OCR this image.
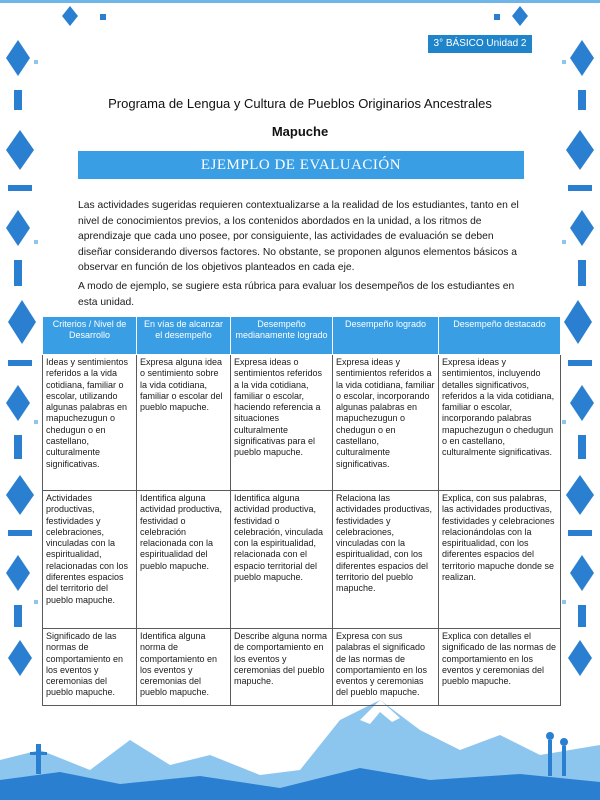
3° BÁSICO Unidad 2
Programa de Lengua y Cultura de Pueblos Originarios Ancestrales
Mapuche
EJEMPLO DE EVALUACIÓN
Las actividades sugeridas requieren contextualizarse a la realidad de los estudiantes, tanto en el nivel de conocimientos previos, a los contenidos abordados en la unidad, a los ritmos de aprendizaje que cada uno posee, por consiguiente, las actividades de evaluación se deben diseñar considerando diversos factores. No obstante, se proponen algunos elementos básicos a observar en función de los objetivos planteados en cada eje.
A modo de ejemplo, se sugiere esta rúbrica para evaluar los desempeños de los estudiantes en esta unidad.
Criterios / Nivel de Desarrollo	En vías de alcanzar el desempeño	Desempeño medianamente logrado	Desempeño logrado	Desempeño destacado
Ideas y sentimientos referidos a la vida cotidiana, familiar o escolar, utilizando algunas palabras en mapuchezugun o chedugun o en castellano, culturalmente significativas.	Expresa alguna idea o sentimiento sobre la vida cotidiana, familiar o escolar del pueblo mapuche.	Expresa ideas o sentimientos referidos a la vida cotidiana, familiar o escolar, haciendo referencia a situaciones culturalmente significativas para el pueblo mapuche.	Expresa ideas y sentimientos referidos a la vida cotidiana, familiar o escolar, incorporando algunas palabras en mapuchezugun o chedugun o en castellano, culturalmente significativas.	Expresa ideas y sentimientos, incluyendo detalles significativos, referidos a la vida cotidiana, familiar o escolar, incorporando palabras mapuchezugun o chedugun o en castellano, culturalmente significativas.
Actividades productivas, festividades y celebraciones, vinculadas con la espiritualidad, relacionadas con los diferentes espacios del territorio del pueblo mapuche.	Identifica alguna actividad productiva, festividad o celebración relacionada con la espiritualidad del pueblo mapuche.	Identifica alguna actividad productiva, festividad o celebración, vinculada con la espiritualidad, relacionada con el espacio territorial del pueblo mapuche.	Relaciona las actividades productivas, festividades y celebraciones, vinculadas con la espiritualidad, con los diferentes espacios del territorio del pueblo mapuche.	Explica, con sus palabras, las actividades productivas, festividades y celebraciones relacionándolas con la espiritualidad, con los diferentes espacios del territorio mapuche donde se realizan.
Significado de las normas de comportamiento en los eventos y ceremonias del pueblo mapuche.	Identifica alguna norma de comportamiento en los eventos y ceremonias del pueblo mapuche.	Describe alguna norma de comportamiento en los eventos y ceremonias del pueblo mapuche.	Expresa con sus palabras el significado de las normas de comportamiento en los eventos y ceremonias del pueblo mapuche.	Explica con detalles el significado de las normas de comportamiento en los eventos y ceremonias del pueblo mapuche.
